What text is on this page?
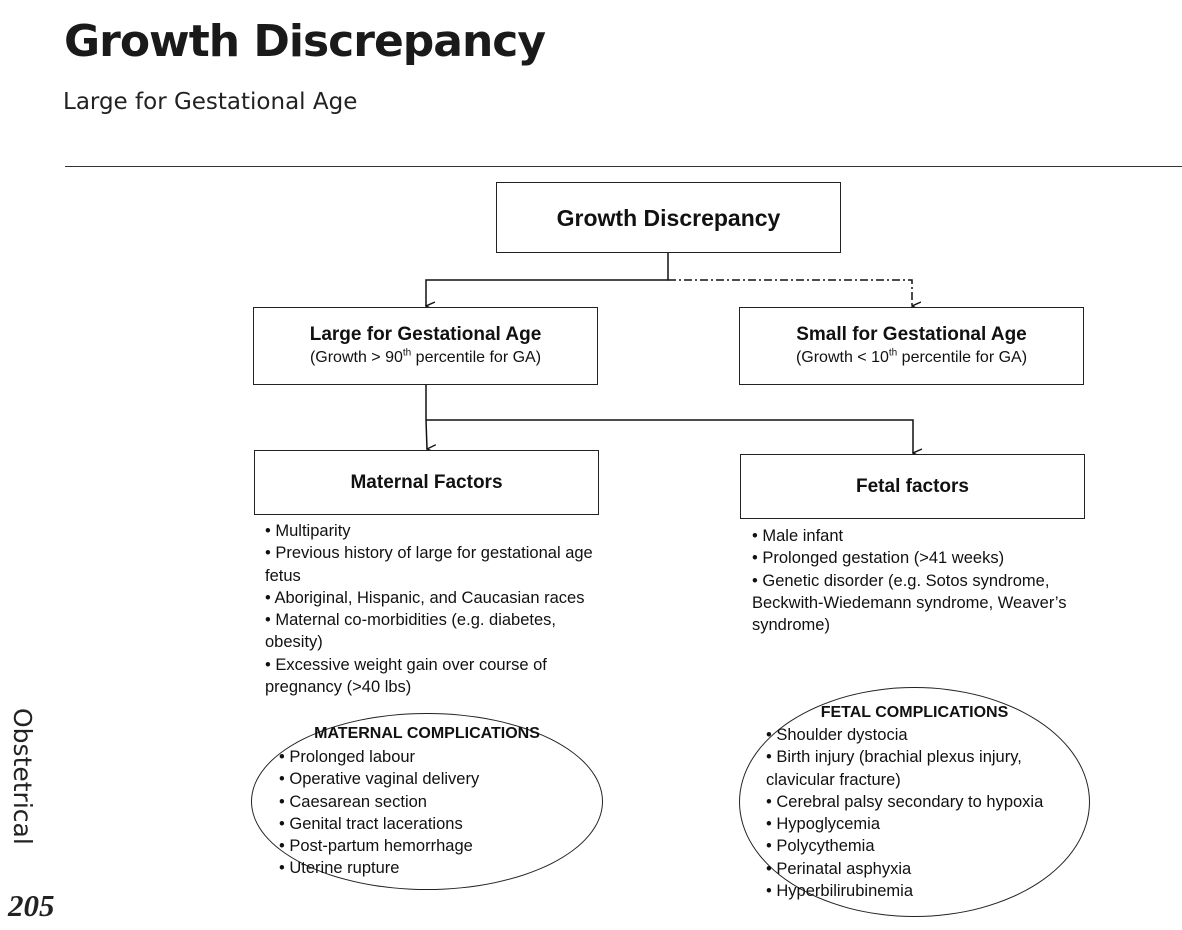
Growth Discrepancy
Large for Gestational Age
Growth Discrepancy
Large for Gestational Age
(Growth > 90th percentile for GA)
Small for Gestational Age
(Growth < 10th percentile for GA)
Maternal Factors	Fetal factors
• Multiparity
• Previous history of large for gestational age fetus
• Aboriginal, Hispanic, and Caucasian races
• Maternal co-morbidities (e.g. diabetes, obesity)
• Excessive weight gain over course of pregnancy (>40 lbs)
• Male infant
• Prolonged gestation (>41 weeks)
• Genetic disorder (e.g. Sotos syndrome, Beckwith-Wiedemann syndrome, Weaver’s syndrome)
MATERNAL COMPLICATIONS
• Prolonged labour
• Operative vaginal delivery
• Caesarean section
• Genital tract lacerations
• Post-partum hemorrhage
• Uterine rupture
FETAL COMPLICATIONS
• Shoulder dystocia
• Birth injury (brachial plexus injury, clavicular fracture)
• Cerebral palsy secondary to hypoxia
• Hypoglycemia
• Polycythemia
• Perinatal asphyxia
• Hyperbilirubinemia
Obstetrical
205
